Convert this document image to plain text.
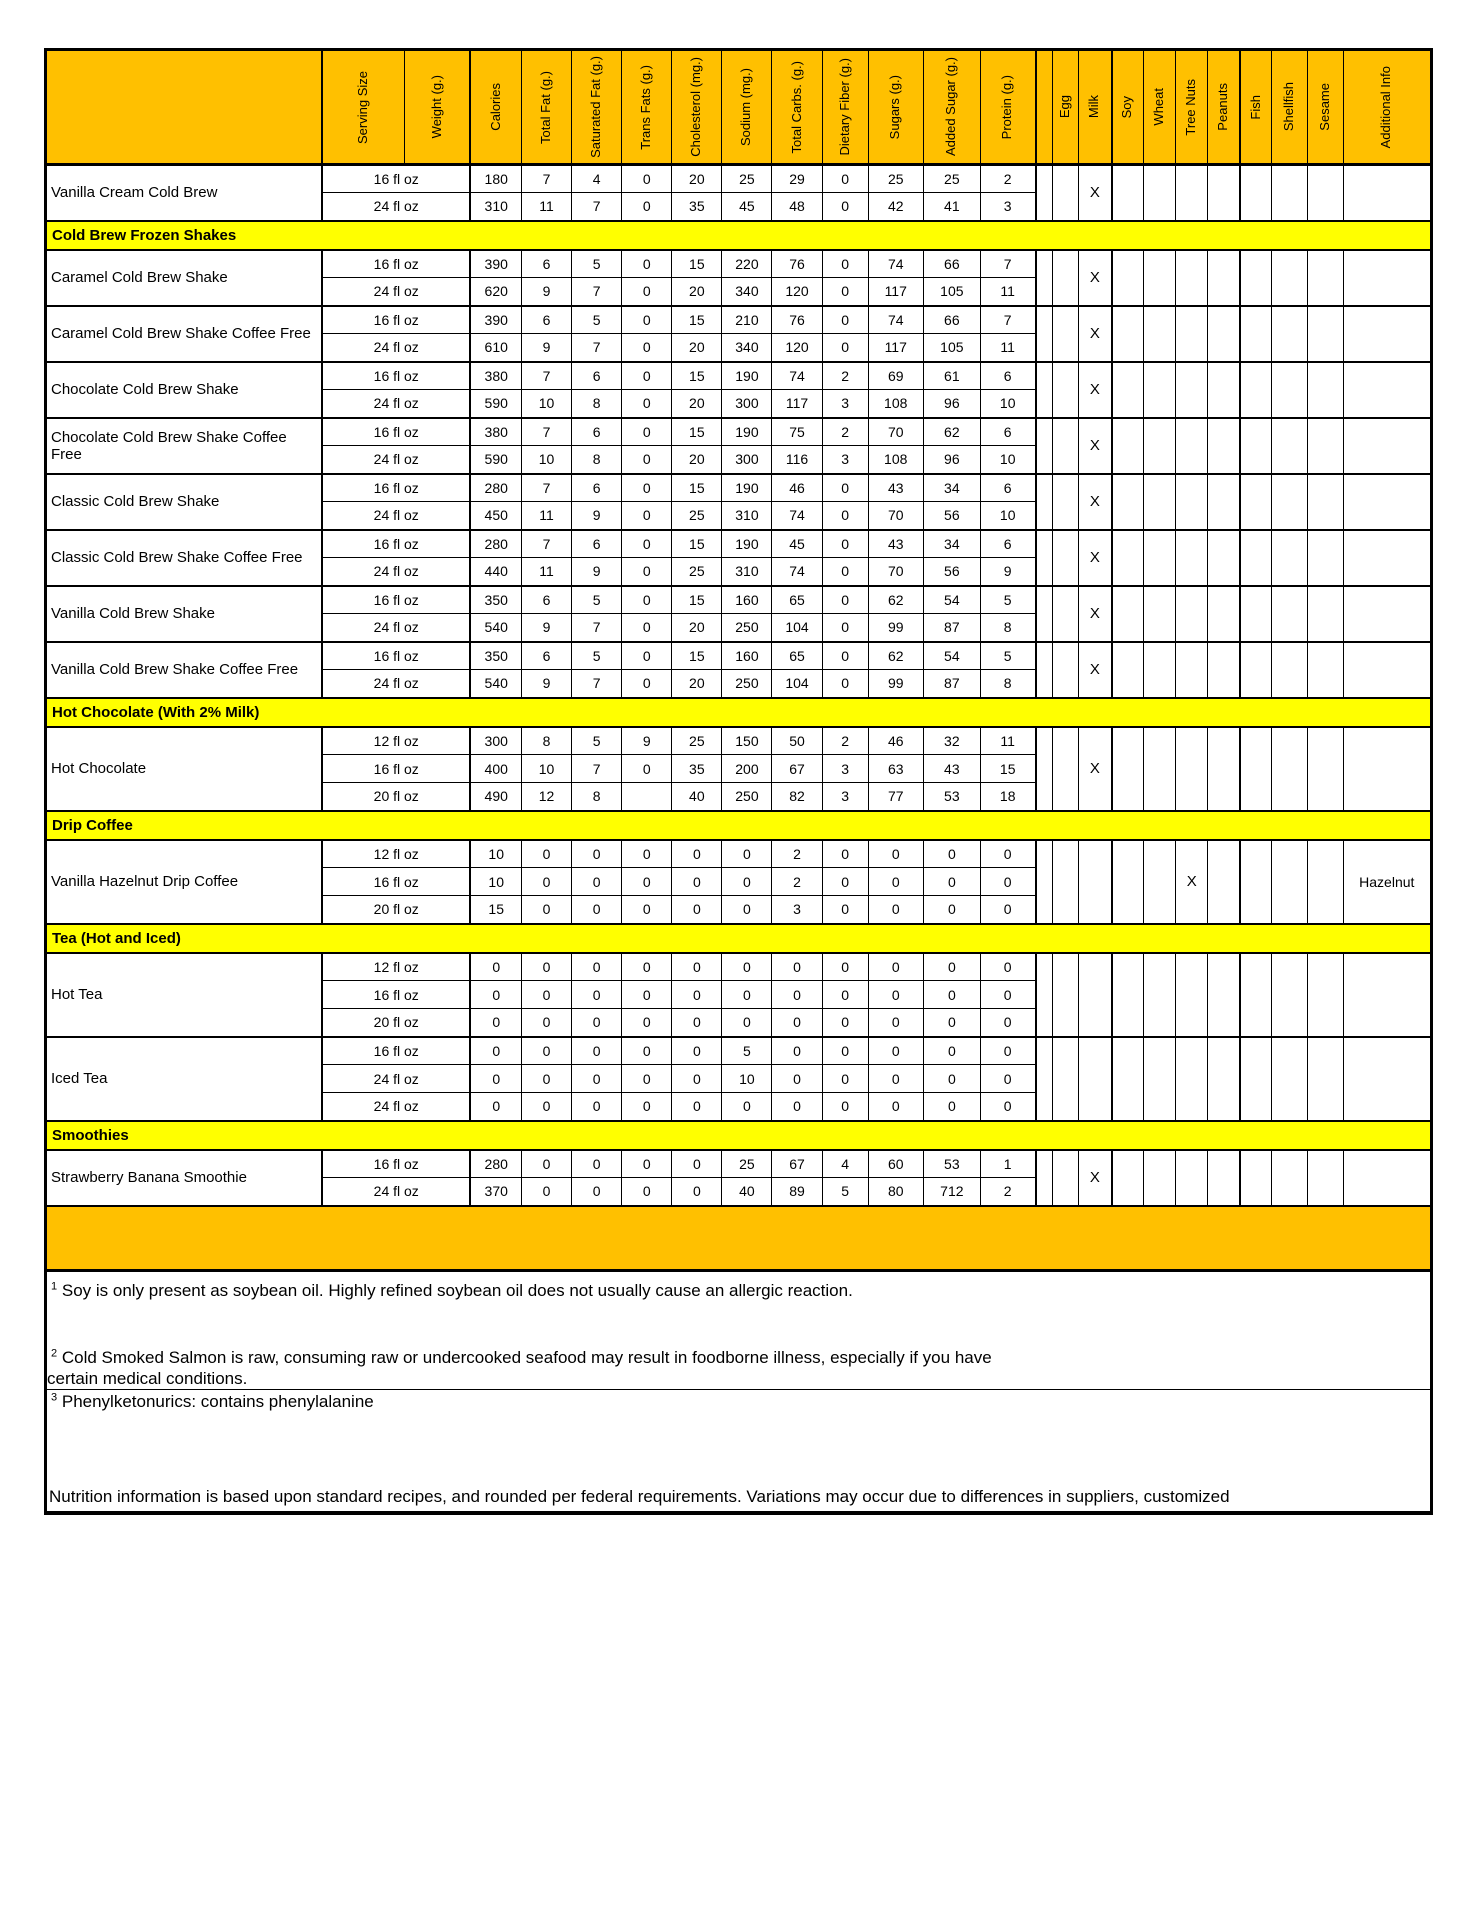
	Serving Size	Weight (g.)	Calories	Total Fat (g.)	Saturated Fat (g.)	Trans Fats (g.)	Cholesterol (mg.)	Sodium (mg.)	Total Carbs. (g.)	Dietary Fiber (g.)	Sugars (g.)	Added Sugar (g.)	Protein (g.)		Egg	Milk	Soy	Wheat	Tree Nuts	Peanuts	Fish	Shellfish	Sesame	Additional Info

Vanilla Cream Cold Brew	16 fl oz		180	7	4	0	20	25	29	0	25	25	2			X								
	24 fl oz		310	11	7	0	35	45	48	0	42	41	3											
Cold Brew Frozen Shakes																								
Caramel Cold Brew Shake	16 fl oz		390	6	5	0	15	220	76	0	74	66	7			X								
	24 fl oz		620	9	7	0	20	340	120	0	117	105	11											
Caramel Cold Brew Shake Coffee Free	16 fl oz		390	6	5	0	15	210	76	0	74	66	7			X								
	24 fl oz		610	9	7	0	20	340	120	0	117	105	11											
Chocolate Cold Brew Shake	16 fl oz		380	7	6	0	15	190	74	2	69	61	6			X								
	24 fl oz		590	10	8	0	20	300	117	3	108	96	10											
Chocolate Cold Brew Shake Coffee Free	16 fl oz		380	7	6	0	15	190	75	2	70	62	6			X								
	24 fl oz		590	10	8	0	20	300	116	3	108	96	10											
Classic Cold Brew Shake	16 fl oz		280	7	6	0	15	190	46	0	43	34	6			X								
	24 fl oz		450	11	9	0	25	310	74	0	70	56	10											
Classic Cold Brew Shake Coffee Free	16 fl oz		280	7	6	0	15	190	45	0	43	34	6			X								
	24 fl oz		440	11	9	0	25	310	74	0	70	56	9											
Vanilla Cold Brew Shake	16 fl oz		350	6	5	0	15	160	65	0	62	54	5			X								
	24 fl oz		540	9	7	0	20	250	104	0	99	87	8											
Vanilla Cold Brew Shake Coffee Free	16 fl oz		350	6	5	0	15	160	65	0	62	54	5			X								
	24 fl oz		540	9	7	0	20	250	104	0	99	87	8											
Hot Chocolate (With 2% Milk)																								
Hot Chocolate	12 fl oz		300	8	5	9	25	150	50	2	46	32	11			X								
	16 fl oz		400	10	7	0	35	200	67	3	63	43	15											
	20 fl oz		490	12	8		40	250	82	3	77	53	18											
Drip Coffee																								
Vanilla Hazelnut Drip Coffee	12 fl oz		10	0	0	0	0	0	2	0	0	0	0						X					Hazelnut
	16 fl oz		10	0	0	0	0	0	2	0	0	0	0											
	20 fl oz		15	0	0	0	0	0	3	0	0	0	0											
Tea (Hot and Iced)																								
Hot Tea	12 fl oz		0	0	0	0	0	0	0	0	0	0	0											
	16 fl oz		0	0	0	0	0	0	0	0	0	0	0											
	20 fl oz		0	0	0	0	0	0	0	0	0	0	0											
Iced Tea	16 fl oz		0	0	0	0	0	5	0	0	0	0	0											
	24 fl oz		0	0	0	0	0	10	0	0	0	0	0											
	24 fl oz		0	0	0	0	0	0	0	0	0	0	0											
Smoothies																								
Strawberry Banana Smoothie	16 fl oz		280	0	0	0	0	25	67	4	60	53	1			X								
	24 fl oz		370	0	0	0	0	40	89	5	80	712	2											

$^1$ Soy is only present as soybean oil. Highly refined soybean oil does not usually cause an allergic reaction.
$^2$ Cold Smoked Salmon is raw, consuming raw or undercooked seafood may result in foodborne illness, especially if you have
certain medical conditions.
$^3$ Phenylketonurics: contains phenylalanine
Nutrition information is based upon standard recipes, and rounded per federal requirements. Variations may occur due to differences in suppliers, customized
